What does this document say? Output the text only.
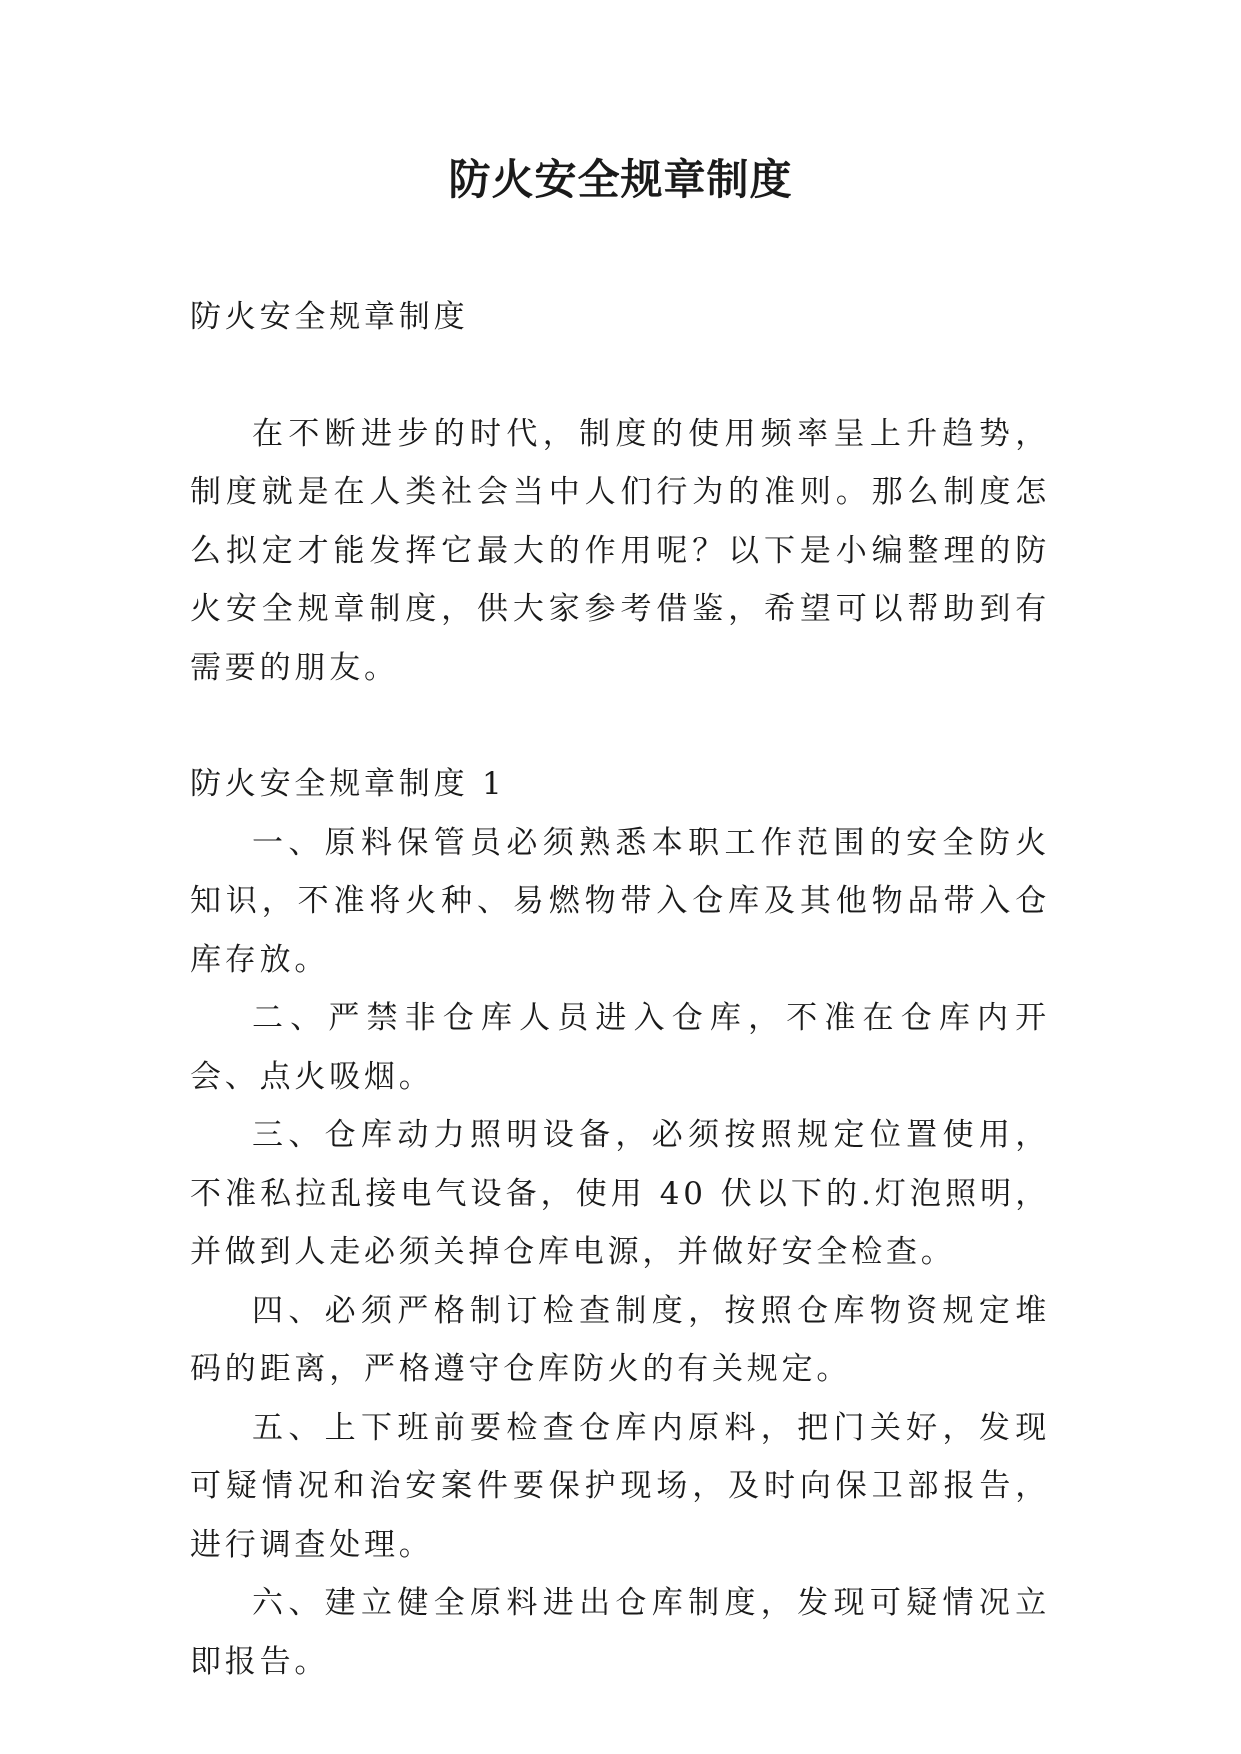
防火安全规章制度

防火安全规章制度

在不断进步的时代，制度的使用频率呈上升趋势，制度就是在人类社会当中人们行为的准则。那么制度怎么拟定才能发挥它最大的作用呢？以下是小编整理的防火安全规章制度，供大家参考借鉴，希望可以帮助到有需要的朋友。

防火安全规章制度 1

一、原料保管员必须熟悉本职工作范围的安全防火知识，不准将火种、易燃物带入仓库及其他物品带入仓库存放。

二、严禁非仓库人员进入仓库，不准在仓库内开会、点火吸烟。

三、仓库动力照明设备，必须按照规定位置使用，不准私拉乱接电气设备，使用 40 伏以下的.灯泡照明，并做到人走必须关掉仓库电源，并做好安全检查。

四、必须严格制订检查制度，按照仓库物资规定堆码的距离，严格遵守仓库防火的有关规定。

五、上下班前要检查仓库内原料，把门关好，发现可疑情况和治安案件要保护现场，及时向保卫部报告，进行调查处理。

六、建立健全原料进出仓库制度，发现可疑情况立即报告。
